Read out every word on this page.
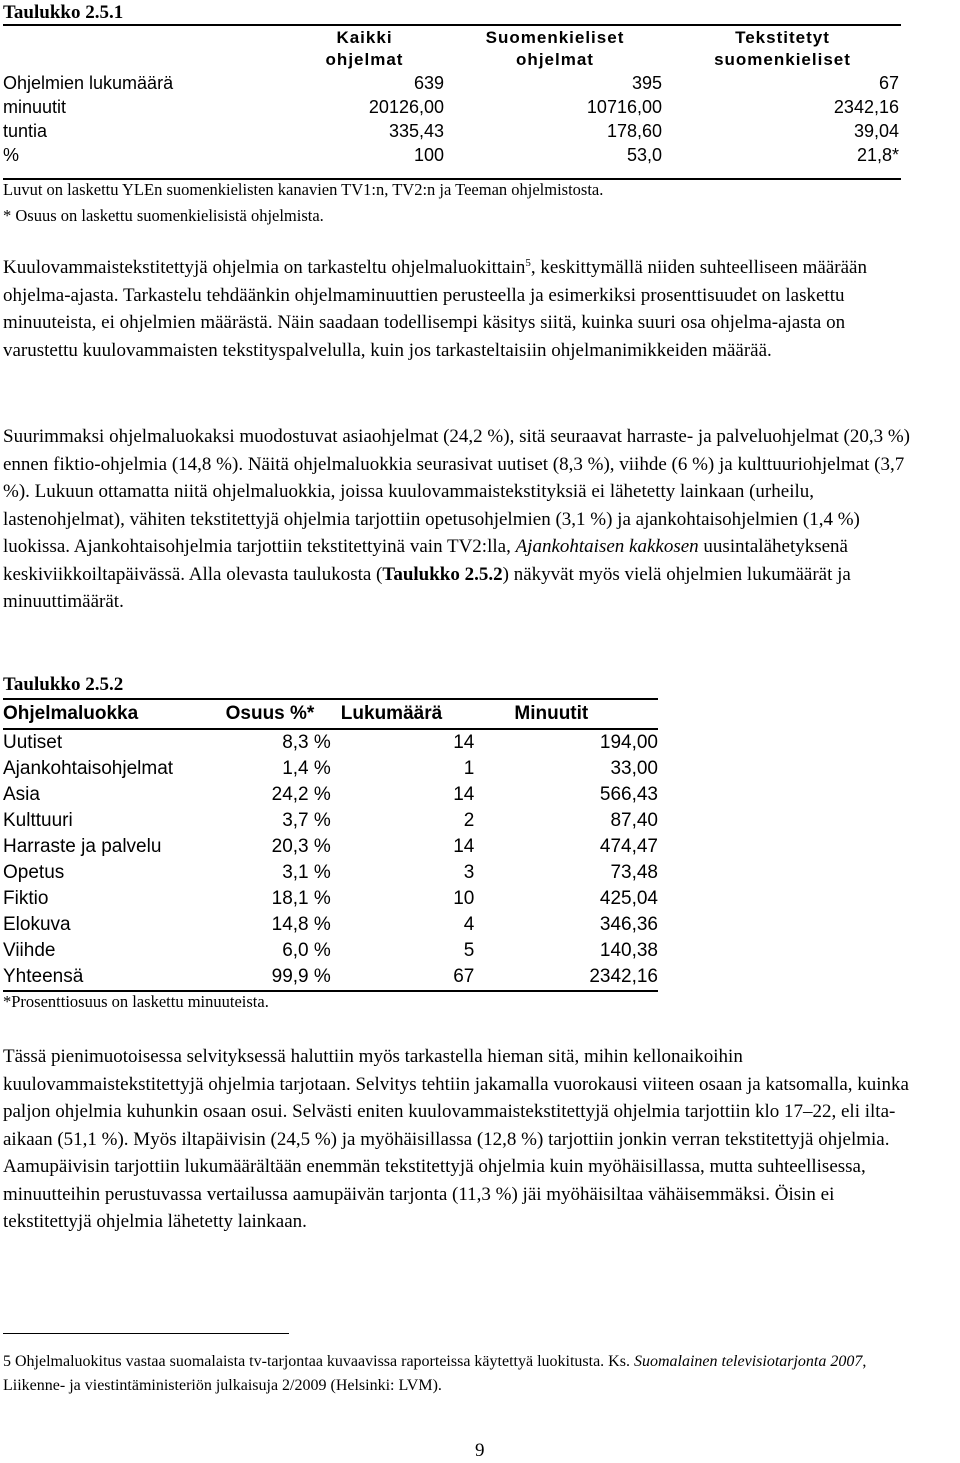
Taulukko 2.5.1
	Kaikki	Suomenkieliset	Tekstitetyt
	ohjelmat	ohjelmat	suomenkieliset
Ohjelmien lukumäärä	639	395	67
minuutit	20126,00	10716,00	2342,16
tuntia	335,43	178,60	39,04
%	100	53,0	21,8*
Luvut on laskettu YLEn suomenkielisten kanavien TV1:n, TV2:n ja Teeman ohjelmistosta.
* Osuus on laskettu suomenkielisistä ohjelmista.
Kuulovammaistekstitettyjä ohjelmia on tarkasteltu ohjelmaluokittain$^5$, keskittymällä niiden suhteelliseen määrään ohjelma-ajasta. Tarkastelu tehdäänkin ohjelmaminuuttien perusteella ja esimerkiksi prosenttisuudet on laskettu minuuteista, ei ohjelmien määrästä. Näin saadaan todellisempi käsitys siitä, kuinka suuri osa ohjelma-ajasta on varustettu kuulovammaisten tekstityspalvelulla, kuin jos tarkasteltaisiin ohjelmanimikkeiden määrää.
Suurimmaksi ohjelmaluokaksi muodostuvat asiaohjelmat (24,2 %), sitä seuraavat harraste- ja palveluohjelmat (20,3 %) ennen fiktio-ohjelmia (14,8 %). Näitä ohjelmaluokkia seurasivat uutiset (8,3 %), viihde (6 %) ja kulttuuriohjelmat (3,7 %). Lukuun ottamatta niitä ohjelmaluokkia, joissa kuulovammaistekstityksiä ei lähetetty lainkaan (urheilu, lastenohjelmat), vähiten tekstitettyjä ohjelmia tarjottiin opetusohjelmien (3,1 %) ja ajankohtaisohjelmien (1,4 %) luokissa. Ajankohtaisohjelmia tarjottiin tekstitettyinä vain TV2:lla, Ajankohtaisen kakkosen uusintalähetyksenä keskiviikkoiltapäivässä. Alla olevasta taulukosta (Taulukko 2.5.2) näkyvät myös vielä ohjelmien lukumäärät ja minuuttimäärät.
Taulukko 2.5.2
Ohjelmaluokka	Osuus %*	Lukumäärä	Minuutit
Uutiset	8,3 %	14	194,00
Ajankohtaisohjelmat	1,4 %	1	33,00
Asia	24,2 %	14	566,43
Kulttuuri	3,7 %	2	87,40
Harraste ja palvelu	20,3 %	14	474,47
Opetus	3,1 %	3	73,48
Fiktio	18,1 %	10	425,04
Elokuva	14,8 %	4	346,36
Viihde	6,0 %	5	140,38
Yhteensä	99,9 %	67	2342,16
*Prosenttiosuus on laskettu minuuteista.
Tässä pienimuotoisessa selvityksessä haluttiin myös tarkastella hieman sitä, mihin kellonaikoihin kuulovammaistekstitettyjä ohjelmia tarjotaan. Selvitys tehtiin jakamalla vuorokausi viiteen osaan ja katsomalla, kuinka paljon ohjelmia kuhunkin osaan osui. Selvästi eniten kuulovammaistekstitettyjä ohjelmia tarjottiin klo 17–22, eli ilta-aikaan (51,1 %). Myös iltapäivisin (24,5 %) ja myöhäisillassa (12,8 %) tarjottiin jonkin verran tekstitettyjä ohjelmia. Aamupäivisin tarjottiin lukumäärältään enemmän tekstitettyjä ohjelmia kuin myöhäisillassa, mutta suhteellisessa, minuutteihin perustuvassa vertailussa aamupäivän tarjonta (11,3 %) jäi myöhäisiltaa vähäisemmäksi. Öisin ei tekstitettyjä ohjelmia lähetetty lainkaan.
5 Ohjelmaluokitus vastaa suomalaista tv-tarjontaa kuvaavissa raporteissa käytettyä luokitusta. Ks. Suomalainen televisiotarjonta 2007, Liikenne- ja viestintäministeriön julkaisuja 2/2009 (Helsinki: LVM).
9
